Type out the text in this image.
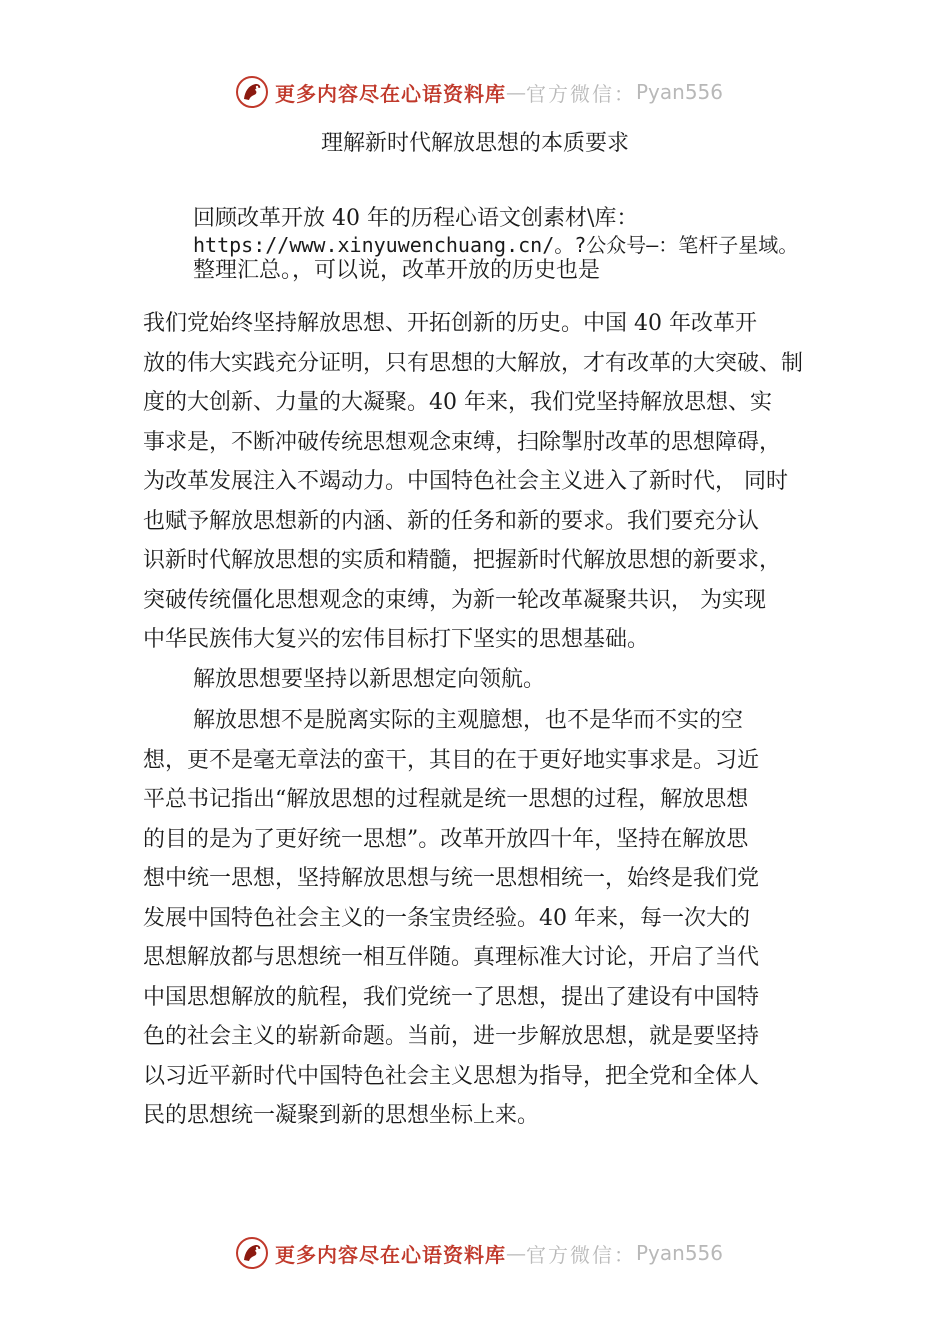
更多内容尽在心语资料库 — 官方微信： Pyan556
理解新时代解放思想的本质要求
回顾改革开放 40 年的历程心语文创素材\库：
https://www.xinyuwenchuang.cn/。?公众号—：笔杆子星域。
整理汇总。，可以说，改革开放的历史也是
我们党始终坚持解放思想、开拓创新的历史。中国 40 年改革开
放的伟大实践充分证明，只有思想的大解放，才有改革的大突破、制
度的大创新、力量的大凝聚。40 年来，我们党坚持解放思想、实
事求是，不断冲破传统思想观念束缚，扫除掣肘改革的思想障碍，
为改革发展注入不竭动力。中国特色社会主义进入了新时代， 同时
也赋予解放思想新的内涵、新的任务和新的要求。我们要充分认
识新时代解放思想的实质和精髓，把握新时代解放思想的新要求，
突破传统僵化思想观念的束缚，为新一轮改革凝聚共识， 为实现
中华民族伟大复兴的宏伟目标打下坚实的思想基础。
解放思想要坚持以新思想定向领航。
解放思想不是脱离实际的主观臆想，也不是华而不实的空
想，更不是毫无章法的蛮干，其目的在于更好地实事求是。习近
平总书记指出“解放思想的过程就是统一思想的过程，解放思想
的目的是为了更好统一思想”。改革开放四十年，坚持在解放思
想中统一思想，坚持解放思想与统一思想相统一，始终是我们党
发展中国特色社会主义的一条宝贵经验。40 年来，每一次大的
思想解放都与思想统一相互伴随。真理标准大讨论，开启了当代
中国思想解放的航程，我们党统一了思想，提出了建设有中国特
色的社会主义的崭新命题。当前，进一步解放思想，就是要坚持
以习近平新时代中国特色社会主义思想为指导，把全党和全体人
民的思想统一凝聚到新的思想坐标上来。
更多内容尽在心语资料库 — 官方微信： Pyan556
